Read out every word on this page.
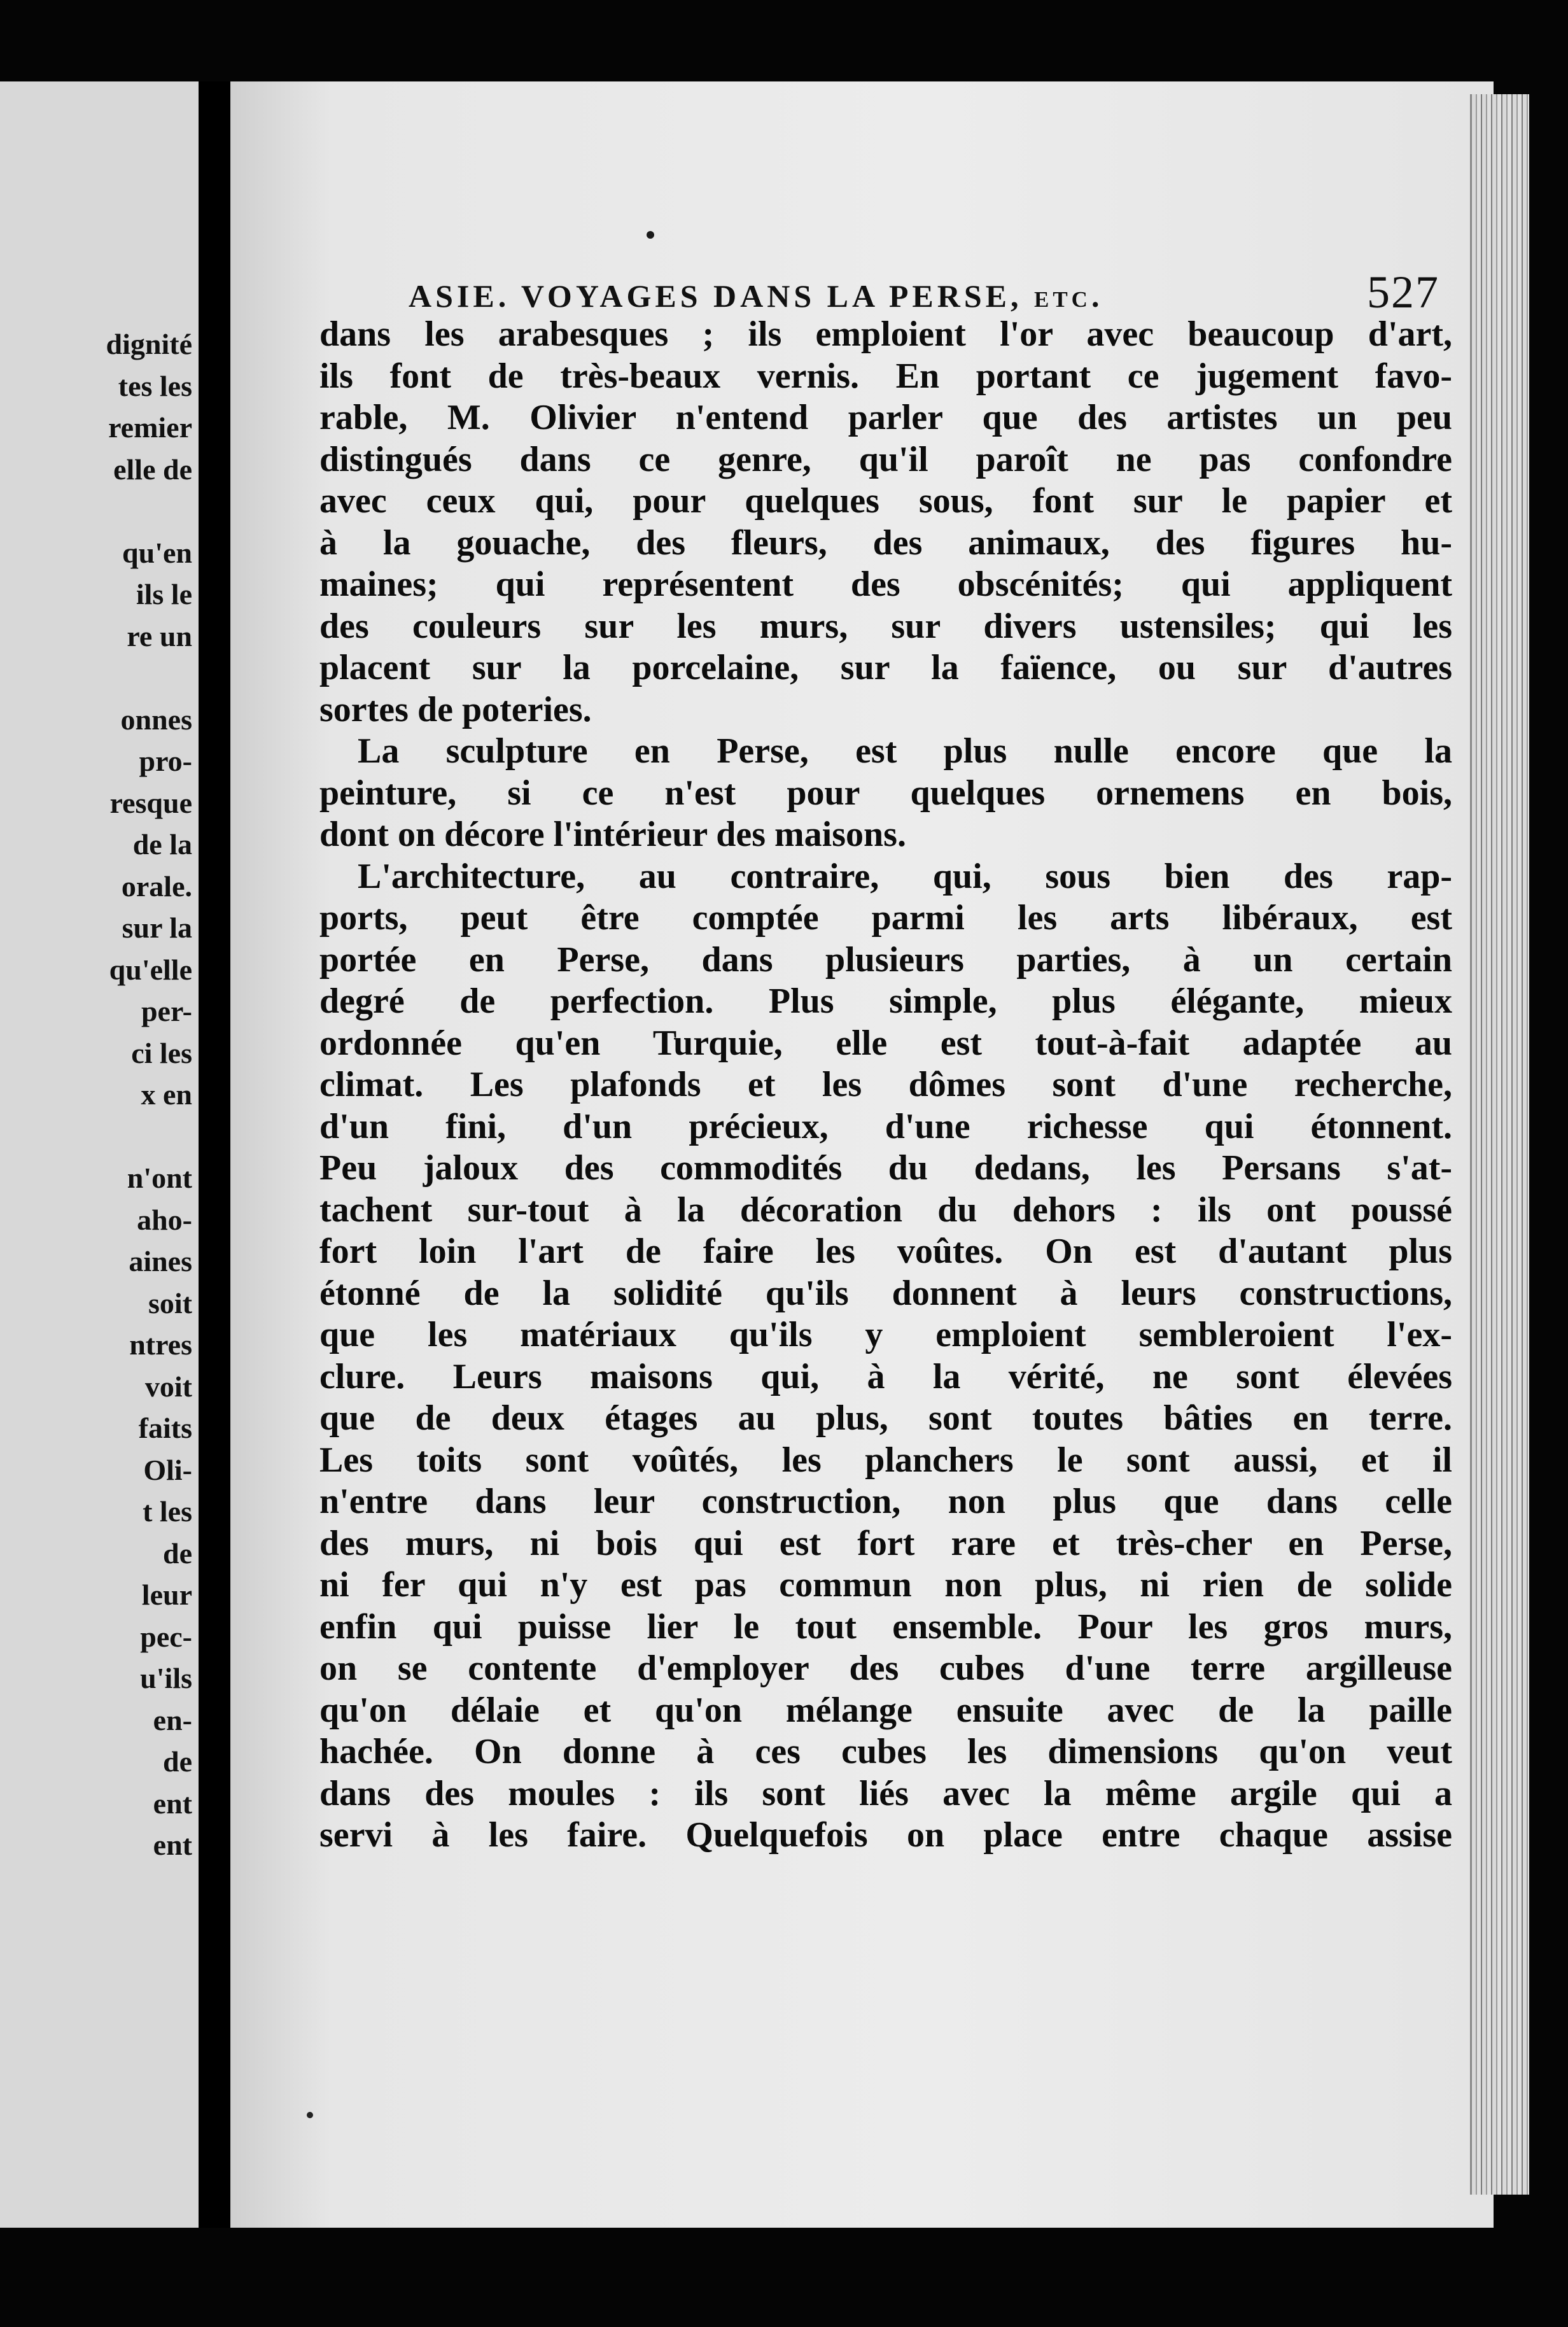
dignité
tes les
remier
elle de
qu'en
ils le
re un
onnes
pro-
resque
de la
orale.
sur la
qu'elle
per-
ci les
x en
n'ont
aho-
aines
soit
ntres
voit
faits
Oli-
t les
de
leur
pec-
u'ils
en-
de
ent
ent
ASIE. VOYAGES DANS LA PERSE, etc.	527
dans les arabesques ; ils emploient l'or avec beaucoup d'art,
ils font de très-beaux vernis. En portant ce jugement favo-
rable, M. Olivier n'entend parler que des artistes un peu
distingués dans ce genre, qu'il paroît ne pas confondre
avec ceux qui, pour quelques sous, font sur le papier et
à la gouache, des fleurs, des animaux, des figures hu-
maines; qui représentent des obscénités; qui appliquent
des couleurs sur les murs, sur divers ustensiles; qui les
placent sur la porcelaine, sur la faïence, ou sur d'autres
sortes de poteries.
La sculpture en Perse, est plus nulle encore que la
peinture, si ce n'est pour quelques ornemens en bois,
dont on décore l'intérieur des maisons.
L'architecture, au contraire, qui, sous bien des rap-
ports, peut être comptée parmi les arts libéraux, est
portée en Perse, dans plusieurs parties, à un certain
degré de perfection. Plus simple, plus élégante, mieux
ordonnée qu'en Turquie, elle est tout-à-fait adaptée au
climat. Les plafonds et les dômes sont d'une recherche,
d'un fini, d'un précieux, d'une richesse qui étonnent.
Peu jaloux des commodités du dedans, les Persans s'at-
tachent sur-tout à la décoration du dehors : ils ont poussé
fort loin l'art de faire les voûtes. On est d'autant plus
étonné de la solidité qu'ils donnent à leurs constructions,
que les matériaux qu'ils y emploient sembleroient l'ex-
clure. Leurs maisons qui, à la vérité, ne sont élevées
que de deux étages au plus, sont toutes bâties en terre.
Les toits sont voûtés, les planchers le sont aussi, et il
n'entre dans leur construction, non plus que dans celle
des murs, ni bois qui est fort rare et très-cher en Perse,
ni fer qui n'y est pas commun non plus, ni rien de solide
enfin qui puisse lier le tout ensemble. Pour les gros murs,
on se contente d'employer des cubes d'une terre argilleuse
qu'on délaie et qu'on mélange ensuite avec de la paille
hachée. On donne à ces cubes les dimensions qu'on veut
dans des moules : ils sont liés avec la même argile qui a
servi à les faire. Quelquefois on place entre chaque assise
